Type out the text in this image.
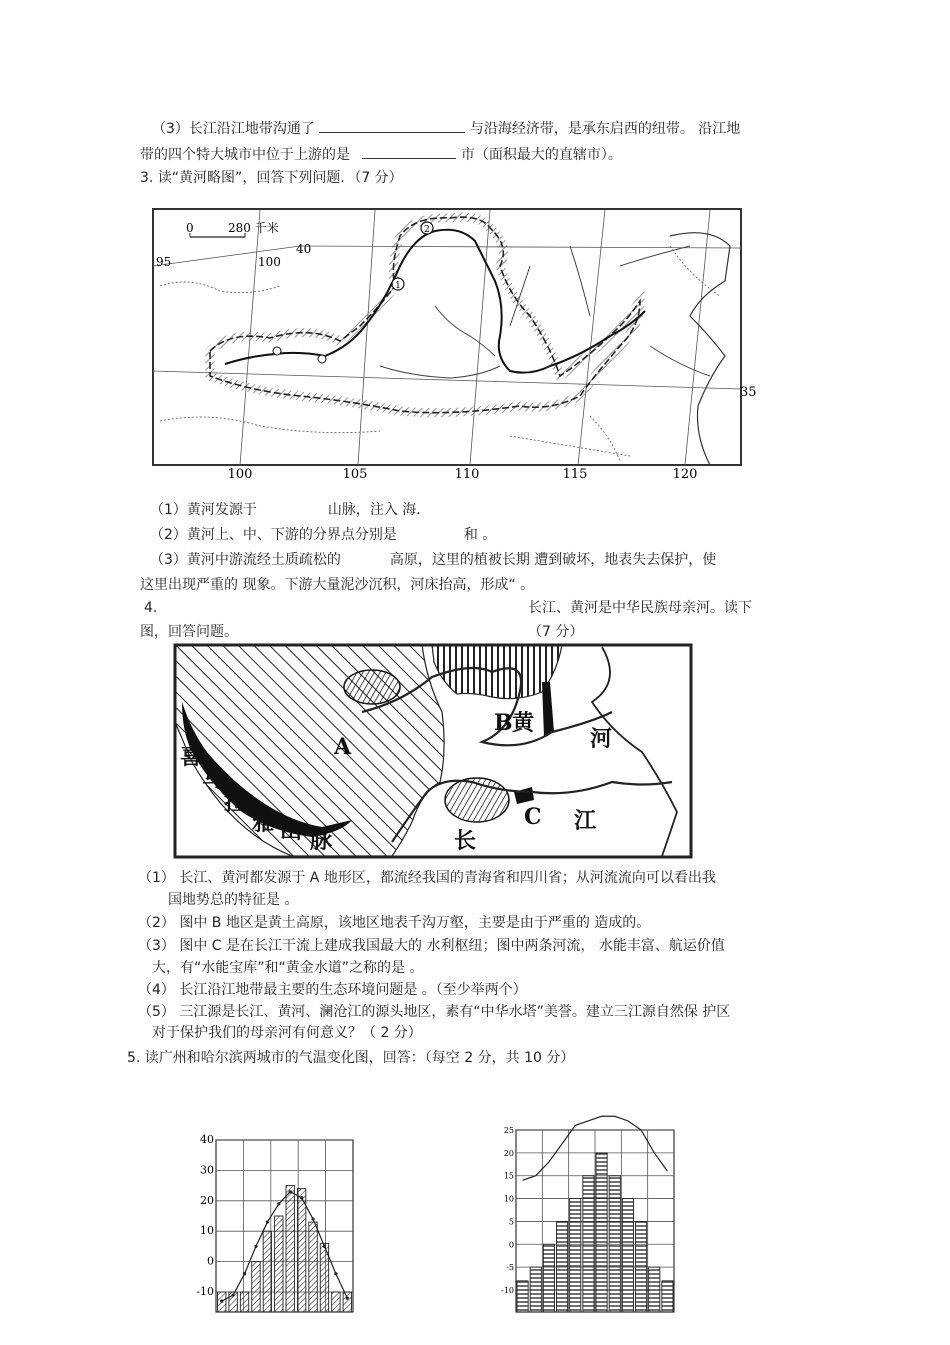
（3）长江沿江地带沟通了	与沿海经济带，是承东启西的纽带。 沿江地
带的四个特大城市中位于上游的是	市（面积最大的直辖市）。
3. 读“黄河略图”，回答下列问题．（7 分）
1
2
0	280 千米
40
95	100
35
100	105	110	115	120
（1）黄河发源于	山脉，注入 海．
（2）黄河上、中、下游的分界点分别是	和 。
（3）黄河中游流经土质疏松的	高原，这里的植被长期 遭到破坏，地表失去保护，使
这里出现严重的 现象。下游大量泥沙沉积，河床抬高，形成“ 。
4.	长江、黄河是中华民族母亲河。读下
图，回答问题。	（7 分）
A
B
C
喜
马
拉
雅 山 脉
黄
河
长
江
（1） 长江、黄河都发源于 A 地形区，都流经我国的青海省和四川省；从河流流向可以看出我
国地势总的特征是 。
（2） 图中 B 地区是黄土高原，该地区地表千沟万壑，主要是由于严重的 造成的。
（3） 图中 C 是在长江干流上建成我国最大的 水利枢纽；图中两条河流， 水能丰富、航运价值
大，有“水能宝库”和“黄金水道”之称的是 。
（4） 长江沿江地带最主要的生态环境问题是 。（至少举两个）
（5） 三江源是长江、黄河、澜沧江的源头地区，素有“中华水塔”美誉。建立三江源自然保 护区
对于保护我们的母亲河有何意义？（ 2 分）
5. 读广州和哈尔滨两城市的气温变化图，回答：（每空 2 分，共 10 分）
40
30
20
10
0
-10
25
20
15
10
5
0
-5
-10
